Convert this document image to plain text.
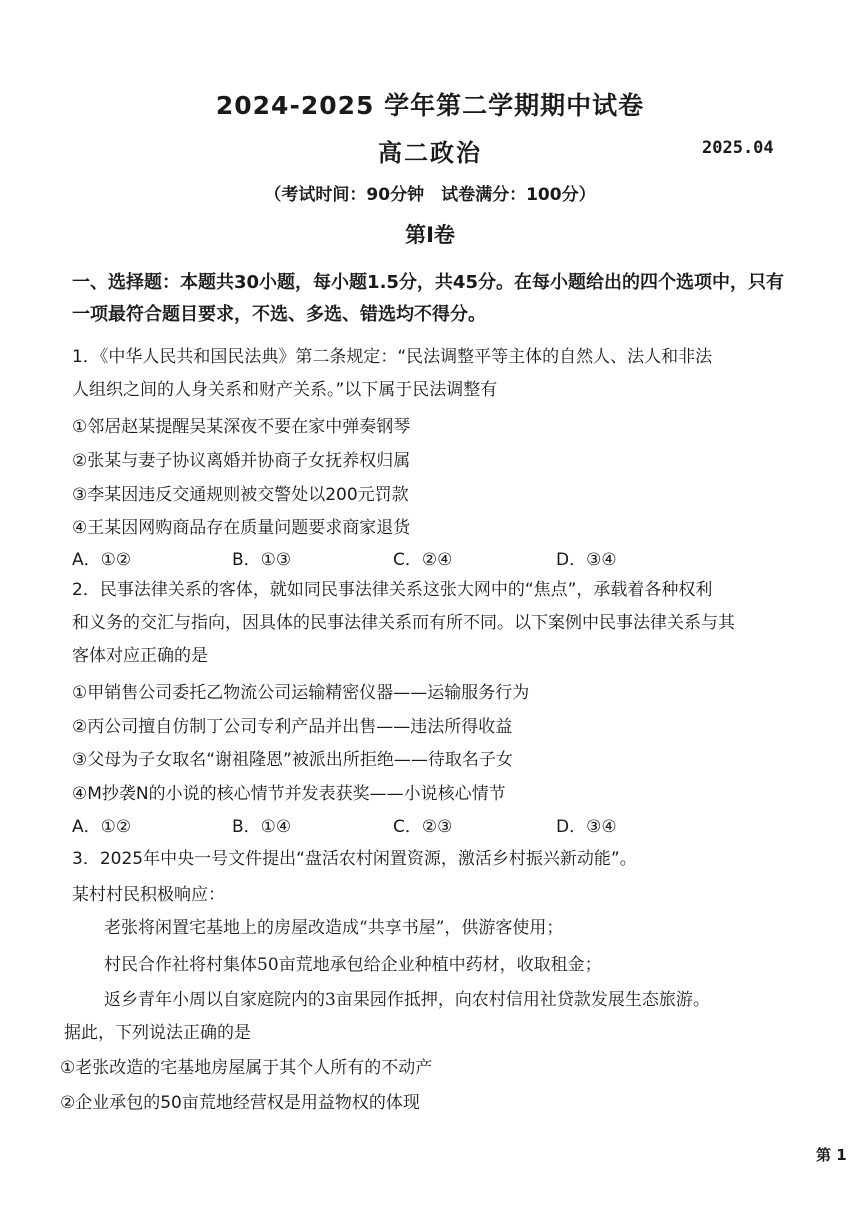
2024-2025 学年第二学期期中试卷
高二政治	2025.04
（考试时间：90分钟　试卷满分：100分）
第Ⅰ卷
一、选择题：本题共30小题，每小题1.5分，共45分。在每小题给出的四个选项中，只有一项最符合题目要求，不选、多选、错选均不得分。
1．《中华人民共和国民法典》第二条规定：“民法调整平等主体的自然人、法人和非法
人组织之间的人身关系和财产关系。”以下属于民法调整有
①邻居赵某提醒吴某深夜不要在家中弹奏钢琴
②张某与妻子协议离婚并协商子女抚养权归属
③李某因违反交通规则被交警处以200元罚款
④王某因网购商品存在质量问题要求商家退货
A．①②	B．①③	C．②④	D．③④
2．民事法律关系的客体，就如同民事法律关系这张大网中的“焦点”，承载着各种权利
和义务的交汇与指向，因具体的民事法律关系而有所不同。以下案例中民事法律关系与其
客体对应正确的是
①甲销售公司委托乙物流公司运输精密仪器——运输服务行为
②丙公司擅自仿制丁公司专利产品并出售——违法所得收益
③父母为子女取名“谢祖隆恩”被派出所拒绝——待取名子女
④M抄袭N的小说的核心情节并发表获奖——小说核心情节
A．①②	B．①④	C．②③	D．③④
3．2025年中央一号文件提出“盘活农村闲置资源，激活乡村振兴新动能”。
某村村民积极响应：
老张将闲置宅基地上的房屋改造成“共享书屋”，供游客使用；
村民合作社将村集体50亩荒地承包给企业种植中药材，收取租金；
返乡青年小周以自家庭院内的3亩果园作抵押，向农村信用社贷款发展生态旅游。
据此，下列说法正确的是
①老张改造的宅基地房屋属于其个人所有的不动产
②企业承包的50亩荒地经营权是用益物权的体现
第 1
